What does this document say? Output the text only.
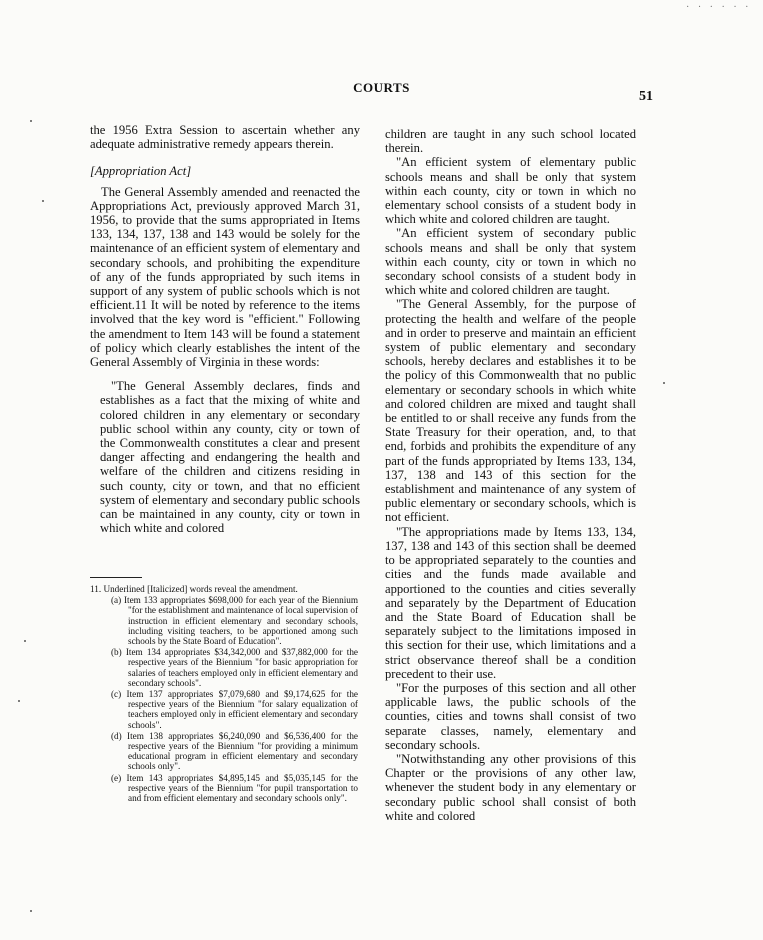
· · · · · ·
COURTS
51

the 1956 Extra Session to ascertain whether any adequate administrative remedy appears therein.

[Appropriation Act]

The General Assembly amended and reenacted the Appropriations Act, previously approved March 31, 1956, to provide that the sums appropriated in Items 133, 134, 137, 138 and 143 would be solely for the maintenance of an efficient system of elementary and secondary schools, and prohibiting the expenditure of any of the funds appropriated by such items in support of any system of public schools which is not efficient.11 It will be noted by reference to the items involved that the key word is "efficient." Following the amendment to Item 143 will be found a statement of policy which clearly establishes the intent of the General Assembly of Virginia in these words:

"The General Assembly declares, finds and establishes as a fact that the mixing of white and colored children in any elementary or secondary public school within any county, city or town of the Commonwealth constitutes a clear and present danger affecting and endangering the health and welfare of the children and citizens residing in such county, city or town, and that no efficient system of elementary and secondary public schools can be maintained in any county, city or town in which white and colored

11. Underlined [Italicized] words reveal the amendment.

(a) Item 133 appropriates $698,000 for each year of the Biennium "for the establishment and maintenance of local supervision of instruction in efficient elementary and secondary schools, including visiting teachers, to be apportioned among such schools by the State Board of Education".

(b) Item 134 appropriates $34,342,000 and $37,882,000 for the respective years of the Biennium "for basic appropriation for salaries of teachers employed only in efficient elementary and secondary schools".

(c) Item 137 appropriates $7,079,680 and $9,174,625 for the respective years of the Biennium "for salary equalization of teachers employed only in efficient elementary and secondary schools".

(d) Item 138 appropriates $6,240,090 and $6,536,400 for the respective years of the Biennium "for providing a minimum educational program in efficient elementary and secondary schools only".

(e) Item 143 appropriates $4,895,145 and $5,035,145 for the respective years of the Biennium "for pupil transportation to and from efficient elementary and secondary schools only".

children are taught in any such school located therein.

"An efficient system of elementary public schools means and shall be only that system within each county, city or town in which no elementary school consists of a student body in which white and colored children are taught.

"An efficient system of secondary public schools means and shall be only that system within each county, city or town in which no secondary school consists of a student body in which white and colored children are taught.

"The General Assembly, for the purpose of protecting the health and welfare of the people and in order to preserve and maintain an efficient system of public elementary and secondary schools, hereby declares and establishes it to be the policy of this Commonwealth that no public elementary or secondary schools in which white and colored children are mixed and taught shall be entitled to or shall receive any funds from the State Treasury for their operation, and, to that end, forbids and prohibits the expenditure of any part of the funds appropriated by Items 133, 134, 137, 138 and 143 of this section for the establishment and maintenance of any system of public elementary or secondary schools, which is not efficient.

"The appropriations made by Items 133, 134, 137, 138 and 143 of this section shall be deemed to be appropriated separately to the counties and cities and the funds made available and apportioned to the counties and cities severally and separately by the Department of Education and the State Board of Education shall be separately subject to the limitations imposed in this section for their use, which limitations and a strict observance thereof shall be a condition precedent to their use.

"For the purposes of this section and all other applicable laws, the public schools of the counties, cities and towns shall consist of two separate classes, namely, elementary and secondary schools.

"Notwithstanding any other provisions of this Chapter or the provisions of any other law, whenever the student body in any elementary or secondary public school shall consist of both white and colored
